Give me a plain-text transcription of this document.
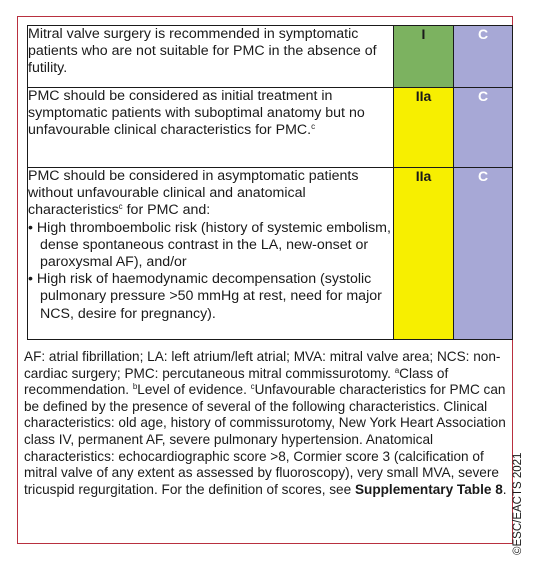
Mitral valve surgery is recommended in symptomatic patients who are not suitable for PMC in the absence of futility.	I	C
PMC should be considered as initial treatment in symptomatic patients with suboptimal anatomy but no unfavourable clinical characteristics for PMC.$^c$	IIa	C
PMC should be considered in asymptomatic patients without unfavourable clinical and anatomical characteristics$^c$ for PMC and:
• High thromboembolic risk (history of systemic embolism, dense spontaneous contrast in the LA, new-onset or paroxysmal AF), and/or
• High risk of haemodynamic decompensation (systolic pulmonary pressure >50 mmHg at rest, need for major NCS, desire for pregnancy).	IIa	C
AF: atrial fibrillation; LA: left atrium/left atrial; MVA: mitral valve area; NCS: non-cardiac surgery; PMC: percutaneous mitral commissurotomy. $^a$Class of recommendation. $^b$Level of evidence. $^c$Unfavourable characteristics for PMC can be defined by the presence of several of the following characteristics. Clinical characteristics: old age, history of commissurotomy, New York Heart Association class IV, permanent AF, severe pulmonary hypertension. Anatomical characteristics: echocardiographic score >8, Cormier score 3 (calcification of mitral valve of any extent as assessed by fluoroscopy), very small MVA, severe tricuspid regurgitation. For the definition of scores, see Supplementary Table 8. ©ESC/EACTS 2021
